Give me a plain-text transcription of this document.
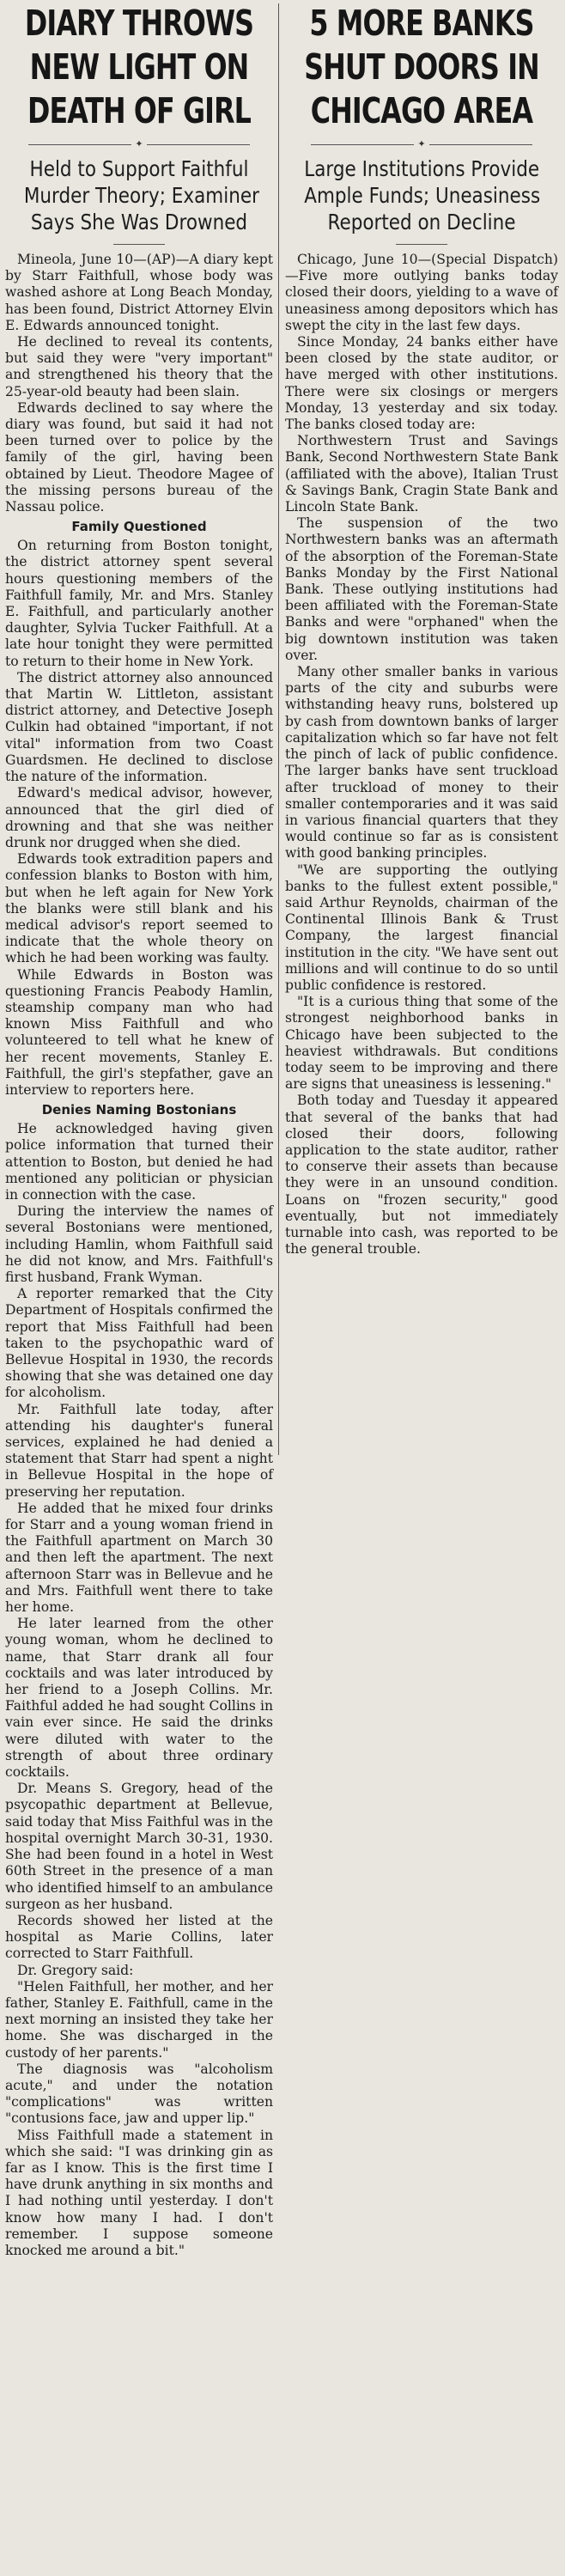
DIARY THROWS
NEW LIGHT ON
DEATH OF GIRL
✦
Held to Support Faithful
Murder Theory; Examiner
Says She Was Drowned

Mineola, June 10—(AP)—A diary kept by Starr Faithfull, whose body was washed ashore at Long Beach Monday, has been found, District Attorney Elvin E. Edwards announced tonight.

He declined to reveal its contents, but said they were "very important" and strengthened his theory that the 25-year-old beauty had been slain.

Edwards declined to say where the diary was found, but said it had not been turned over to police by the family of the girl, having been obtained by Lieut. Theodore Magee of the missing persons bureau of the Nassau police.

Family Questioned

On returning from Boston tonight, the district attorney spent several hours questioning members of the Faithfull family, Mr. and Mrs. Stanley E. Faithfull, and particularly another daughter, Sylvia Tucker Faithfull. At a late hour tonight they were permitted to return to their home in New York.

The district attorney also announced that Martin W. Littleton, assistant district attorney, and Detective Joseph Culkin had obtained "important, if not vital" information from two Coast Guardsmen. He declined to disclose the nature of the information.

Edward's medical advisor, however, announced that the girl died of drowning and that she was neither drunk nor drugged when she died.

Edwards took extradition papers and confession blanks to Boston with him, but when he left again for New York the blanks were still blank and his medical advisor's report seemed to indicate that the whole theory on which he had been working was faulty.

While Edwards in Boston was questioning Francis Peabody Hamlin, steamship company man who had known Miss Faithfull and who volunteered to tell what he knew of her recent movements, Stanley E. Faithfull, the girl's stepfather, gave an interview to reporters here.

Denies Naming Bostonians

He acknowledged having given police information that turned their attention to Boston, but denied he had mentioned any politician or physician in connection with the case.

During the interview the names of several Bostonians were mentioned, including Hamlin, whom Faithfull said he did not know, and Mrs. Faithfull's first husband, Frank Wyman.

A reporter remarked that the City Department of Hospitals confirmed the report that Miss Faithfull had been taken to the psychopathic ward of Bellevue Hospital in 1930, the records showing that she was detained one day for alcoholism.

Mr. Faithfull late today, after attending his daughter's funeral services, explained he had denied a statement that Starr had spent a night in Bellevue Hospital in the hope of preserving her reputation.

He added that he mixed four drinks for Starr and a young woman friend in the Faithfull apartment on March 30 and then left the apartment. The next afternoon Starr was in Bellevue and he and Mrs. Faithfull went there to take her home.

He later learned from the other young woman, whom he declined to name, that Starr drank all four cocktails and was later introduced by her friend to a Joseph Collins. Mr. Faithful added he had sought Collins in vain ever since. He said the drinks were diluted with water to the strength of about three ordinary cocktails.

Dr. Means S. Gregory, head of the psycopathic department at Bellevue, said today that Miss Faithful was in the hospital overnight March 30-31, 1930. She had been found in a hotel in West 60th Street in the presence of a man who identified himself to an ambulance surgeon as her husband.

Records showed her listed at the hospital as Marie Collins, later corrected to Starr Faithfull.

Dr. Gregory said:

"Helen Faithfull, her mother, and her father, Stanley E. Faithfull, came in the next morning an insisted they take her home. She was discharged in the custody of her parents."

The diagnosis was "alcoholism acute," and under the notation "complications" was written "contusions face, jaw and upper lip."

Miss Faithfull made a statement in which she said: "I was drinking gin as far as I know. This is the first time I have drunk anything in six months and I had nothing until yesterday. I don't know how many I had. I don't remember. I suppose someone knocked me around a bit."

5 MORE BANKS
SHUT DOORS IN
CHICAGO AREA
✦
Large Institutions Provide
Ample Funds; Uneasiness
Reported on Decline

Chicago, June 10—(Special Dispatch)—Five more outlying banks today closed their doors, yielding to a wave of uneasiness among depositors which has swept the city in the last few days.

Since Monday, 24 banks either have been closed by the state auditor, or have merged with other institutions. There were six closings or mergers Monday, 13 yesterday and six today. The banks closed today are:

Northwestern Trust and Savings Bank, Second Northwestern State Bank (affiliated with the above), Italian Trust & Savings Bank, Cragin State Bank and Lincoln State Bank.

The suspension of the two Northwestern banks was an aftermath of the absorption of the Foreman-State Banks Monday by the First National Bank. These outlying institutions had been affiliated with the Foreman-State Banks and were "orphaned" when the big downtown institution was taken over.

Many other smaller banks in various parts of the city and suburbs were withstanding heavy runs, bolstered up by cash from downtown banks of larger capitalization which so far have not felt the pinch of lack of public confidence. The larger banks have sent truckload after truckload of money to their smaller contemporaries and it was said in various financial quarters that they would continue so far as is consistent with good banking principles.

"We are supporting the outlying banks to the fullest extent possible," said Arthur Reynolds, chairman of the Continental Illinois Bank & Trust Company, the largest financial institution in the city. "We have sent out millions and will continue to do so until public confidence is restored.

"It is a curious thing that some of the strongest neighborhood banks in Chicago have been subjected to the heaviest withdrawals. But conditions today seem to be improving and there are signs that uneasiness is lessening."

Both today and Tuesday it appeared that several of the banks that had closed their doors, following application to the state auditor, rather to conserve their assets than because they were in an unsound condition. Loans on "frozen security," good eventually, but not immediately turnable into cash, was reported to be the general trouble.
